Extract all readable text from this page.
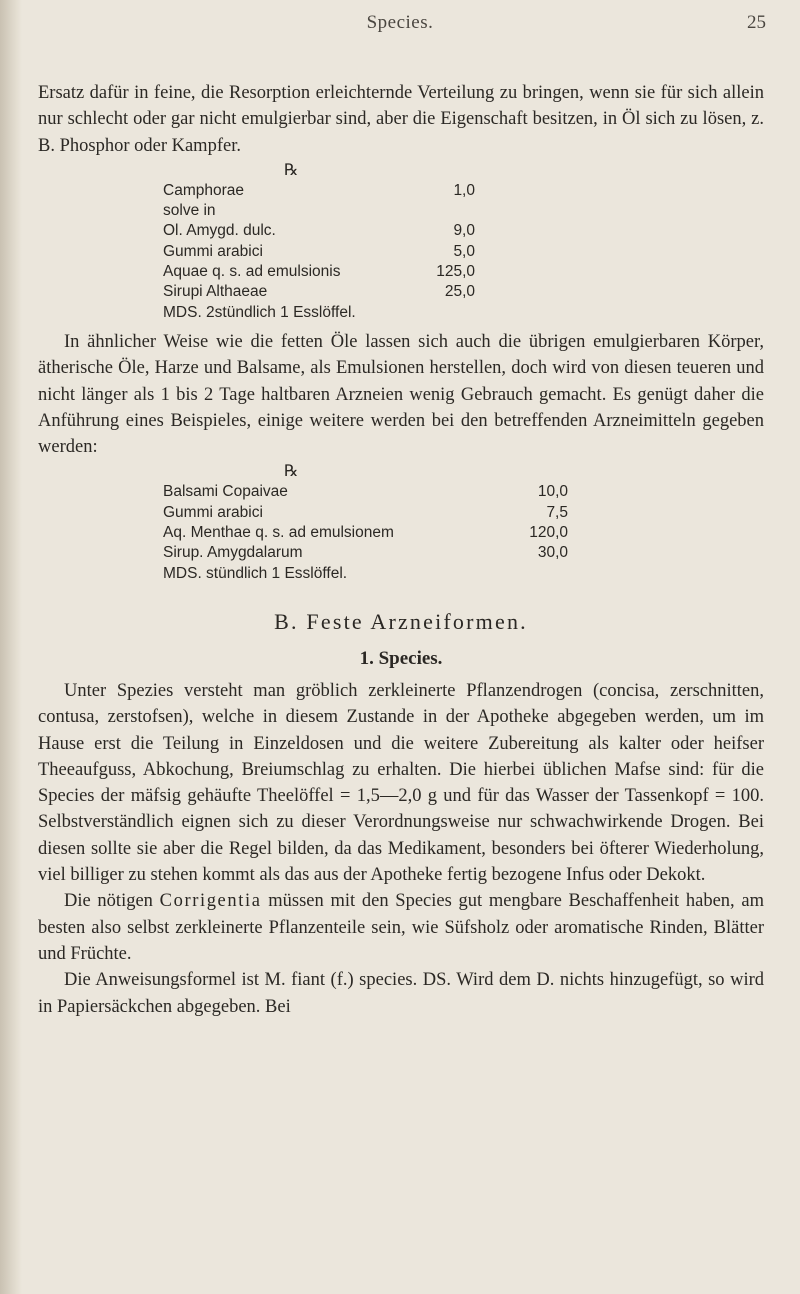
Species.	25

Ersatz dafür in feine, die Resorption erleichternde Verteilung zu bringen, wenn sie für sich allein nur schlecht oder gar nicht emulgierbar sind, aber die Eigenschaft besitzen, in Öl sich zu lösen, z. B. Phosphor oder Kampfer.

℞
Camphorae	1,0
solve in
Ol. Amygd. dulc.	9,0
Gummi arabici	5,0
Aquae q. s. ad emulsionis	125,0
Sirupi Althaeae	25,0
MDS. 2stündlich 1 Esslöffel.

In ähnlicher Weise wie die fetten Öle lassen sich auch die übrigen emulgierbaren Körper, ätherische Öle, Harze und Balsame, als Emulsionen herstellen, doch wird von diesen teueren und nicht länger als 1 bis 2 Tage haltbaren Arzneien wenig Gebrauch gemacht. Es genügt daher die Anführung eines Beispieles, einige weitere werden bei den betreffenden Arzneimitteln gegeben werden:

℞
Balsami Copaivae	10,0
Gummi arabici	7,5
Aq. Menthae q. s. ad emulsionem	120,0
Sirup. Amygdalarum	30,0
MDS. stündlich 1 Esslöffel.
B. Feste Arzneiformen.
1. Species.

Unter Spezies versteht man gröblich zerkleinerte Pflanzendrogen (concisa, zerschnitten, contusa, zerstofsen), welche in diesem Zustande in der Apotheke abgegeben werden, um im Hause erst die Teilung in Einzeldosen und die weitere Zubereitung als kalter oder heifser Theeaufguss, Abkochung, Breiumschlag zu erhalten. Die hierbei üblichen Mafse sind: für die Species der mäfsig gehäufte Theelöffel = 1,5—2,0 g und für das Wasser der Tassenkopf = 100. Selbstverständlich eignen sich zu dieser Verordnungsweise nur schwachwirkende Drogen. Bei diesen sollte sie aber die Regel bilden, da das Medikament, besonders bei öfterer Wiederholung, viel billiger zu stehen kommt als das aus der Apotheke fertig bezogene Infus oder Dekokt.

Die nötigen Corrigentia müssen mit den Species gut mengbare Beschaffenheit haben, am besten also selbst zerkleinerte Pflanzenteile sein, wie Süfsholz oder aromatische Rinden, Blätter und Früchte.

Die Anweisungsformel ist M. fiant (f.) species. DS. Wird dem D. nichts hinzugefügt, so wird in Papiersäckchen abgegeben. Bei
